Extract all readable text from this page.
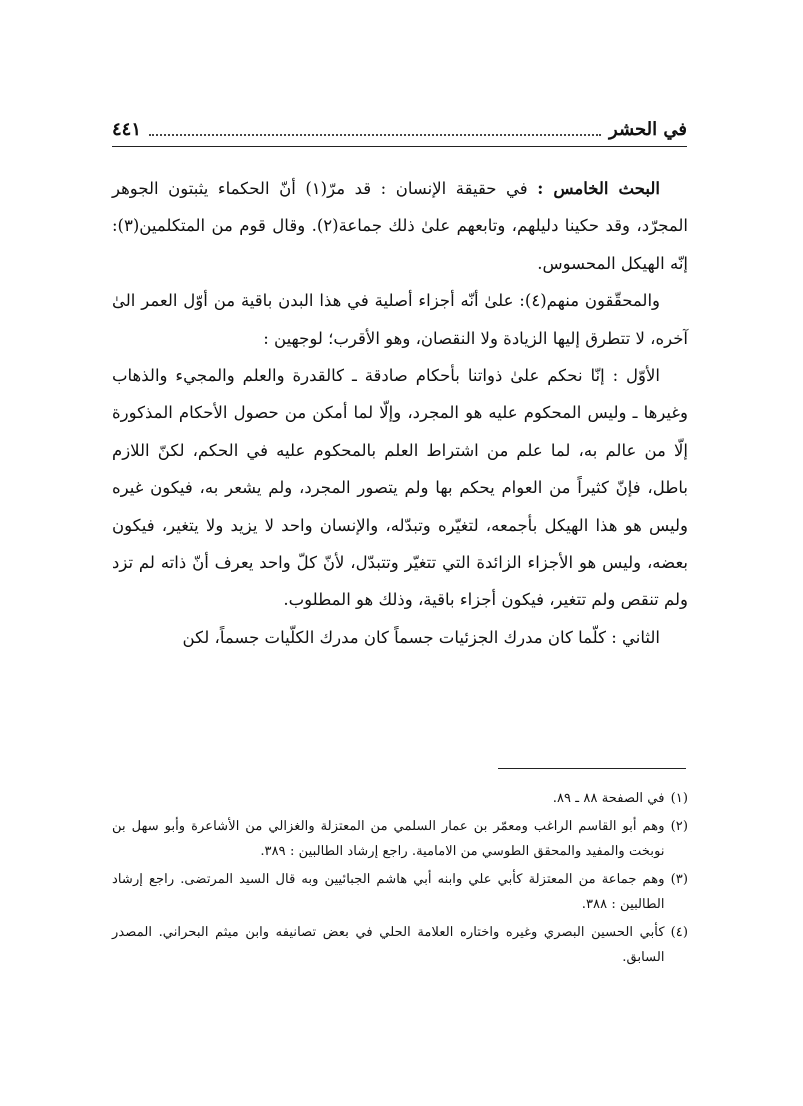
في الحشر
٤٤١

البحث الخامس : في حقيقة الإنسان : قد مرّ(١) أنّ الحكماء يثبتون الجوهر المجرّد، وقد حكينا دليلهم، وتابعهم علىٰ ذلك جماعة(٢). وقال قوم من المتكلمين(٣): إنّه الهيكل المحسوس.

والمحقّقون منهم(٤): علىٰ أنّه أجزاء أصلية في هذا البدن باقية من أوّل العمر الىٰ آخره، لا تتطرق إليها الزيادة ولا النقصان، وهو الأقرب؛ لوجهين :

الأوّل : إنّا نحكم علىٰ ذواتنا بأحكام صادقة ـ كالقدرة والعلم والمجيء والذهاب وغيرها ـ وليس المحكوم عليه هو المجرد، وإلّا لما أمكن من حصول الأحكام المذكورة إلّا من عالم به، لما علم من اشتراط العلم بالمحكوم عليه في الحكم، لكنّ اللازم باطل، فإنّ كثيراً من العوام يحكم بها ولم يتصور المجرد، ولم يشعر به، فيكون غيره وليس هو هذا الهيكل بأجمعه، لتغيّره وتبدّله، والإنسان واحد لا يزيد ولا يتغير، فيكون بعضه، وليس هو الأجزاء الزائدة التي تتغيّر وتتبدّل، لأنّ كلّ واحد يعرف أنّ ذاته لم تزد ولم تنقص ولم تتغير، فيكون أجزاء باقية، وذلك هو المطلوب.

الثاني : كلّما كان مدرك الجزئيات جسماً كان مدرك الكلّيات جسماً، لكن

(١)
في الصفحة ٨٨ ـ ٨٩.
(٢)
وهم أبو القاسم الراغب ومعمّر بن عمار السلمي من المعتزلة والغزالي من الأشاعرة وأبو سهل بن نوبخت والمفيد والمحقق الطوسي من الامامية. راجع إرشاد الطالبين : ٣٨٩.
(٣)
وهم جماعة من المعتزلة كأبي علي وابنه أبي هاشم الجبائيين وبه قال السيد المرتضى. راجع إرشاد الطالبين : ٣٨٨.
(٤)
كأبي الحسين البصري وغيره واختاره العلامة الحلي في بعض تصانيفه وابن ميثم البحراني. المصدر السابق.
